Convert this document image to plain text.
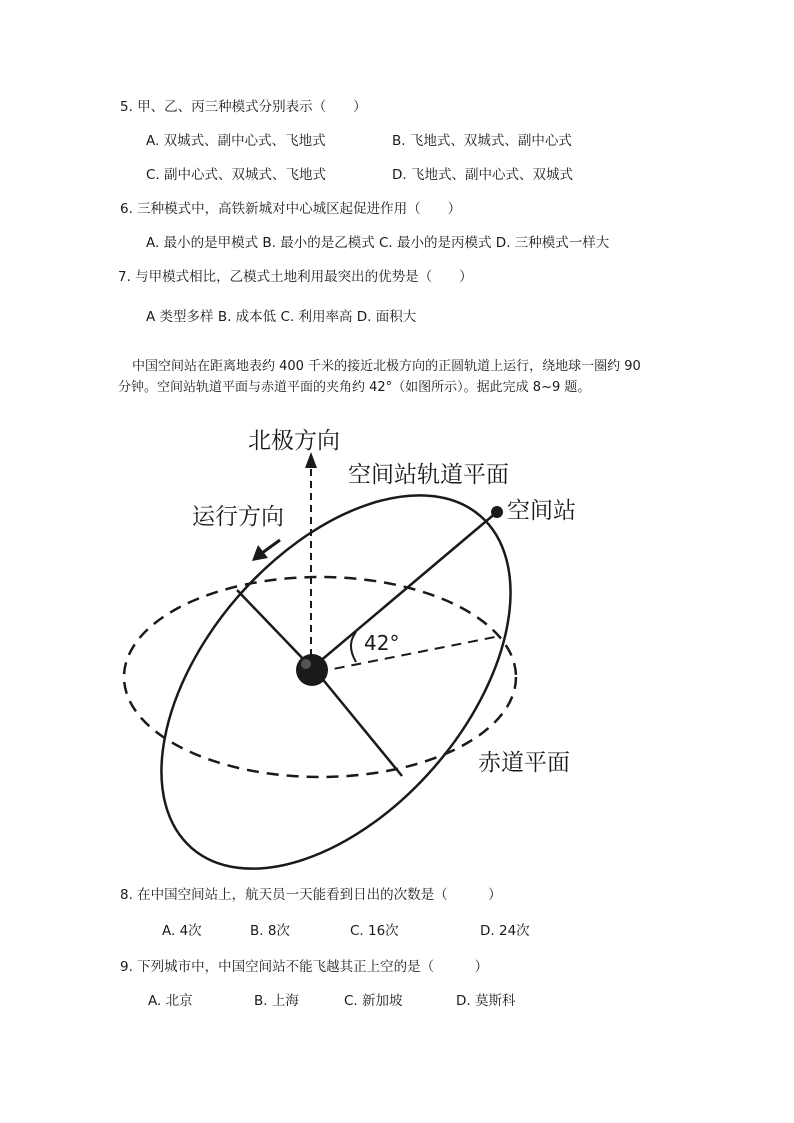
5. 甲、乙、丙三种模式分别表示（　　）
A. 双城式、副中心式、飞地式	B. 飞地式、双城式、副中心式
C. 副中心式、双城式、飞地式	D. 飞地式、副中心式、双城式
6. 三种模式中，高铁新城对中心城区起促进作用（　　）
A. 最小的是甲模式 B. 最小的是乙模式 C. 最小的是丙模式 D. 三种模式一样大
7. 与甲模式相比，乙模式土地利用最突出的优势是（　　）
A 类型多样 B. 成本低 C. 利用率高 D. 面积大
中国空间站在距离地表约 400 千米的接近北极方向的正圆轨道上运行，绕地球一圈约 90
分钟。空间站轨道平面与赤道平面的夹角约 42°（如图所示）。据此完成 8~9 题。
42°
北极方向
空间站轨道平面
空间站
运行方向
赤道平面
8. 在中国空间站上，航天员一天能看到日出的次数是（　　　）
A. 4次	B. 8次	C. 16次	D. 24次
9. 下列城市中，中国空间站不能飞越其正上空的是（　　　）
A. 北京	B. 上海	C. 新加坡	D. 莫斯科
